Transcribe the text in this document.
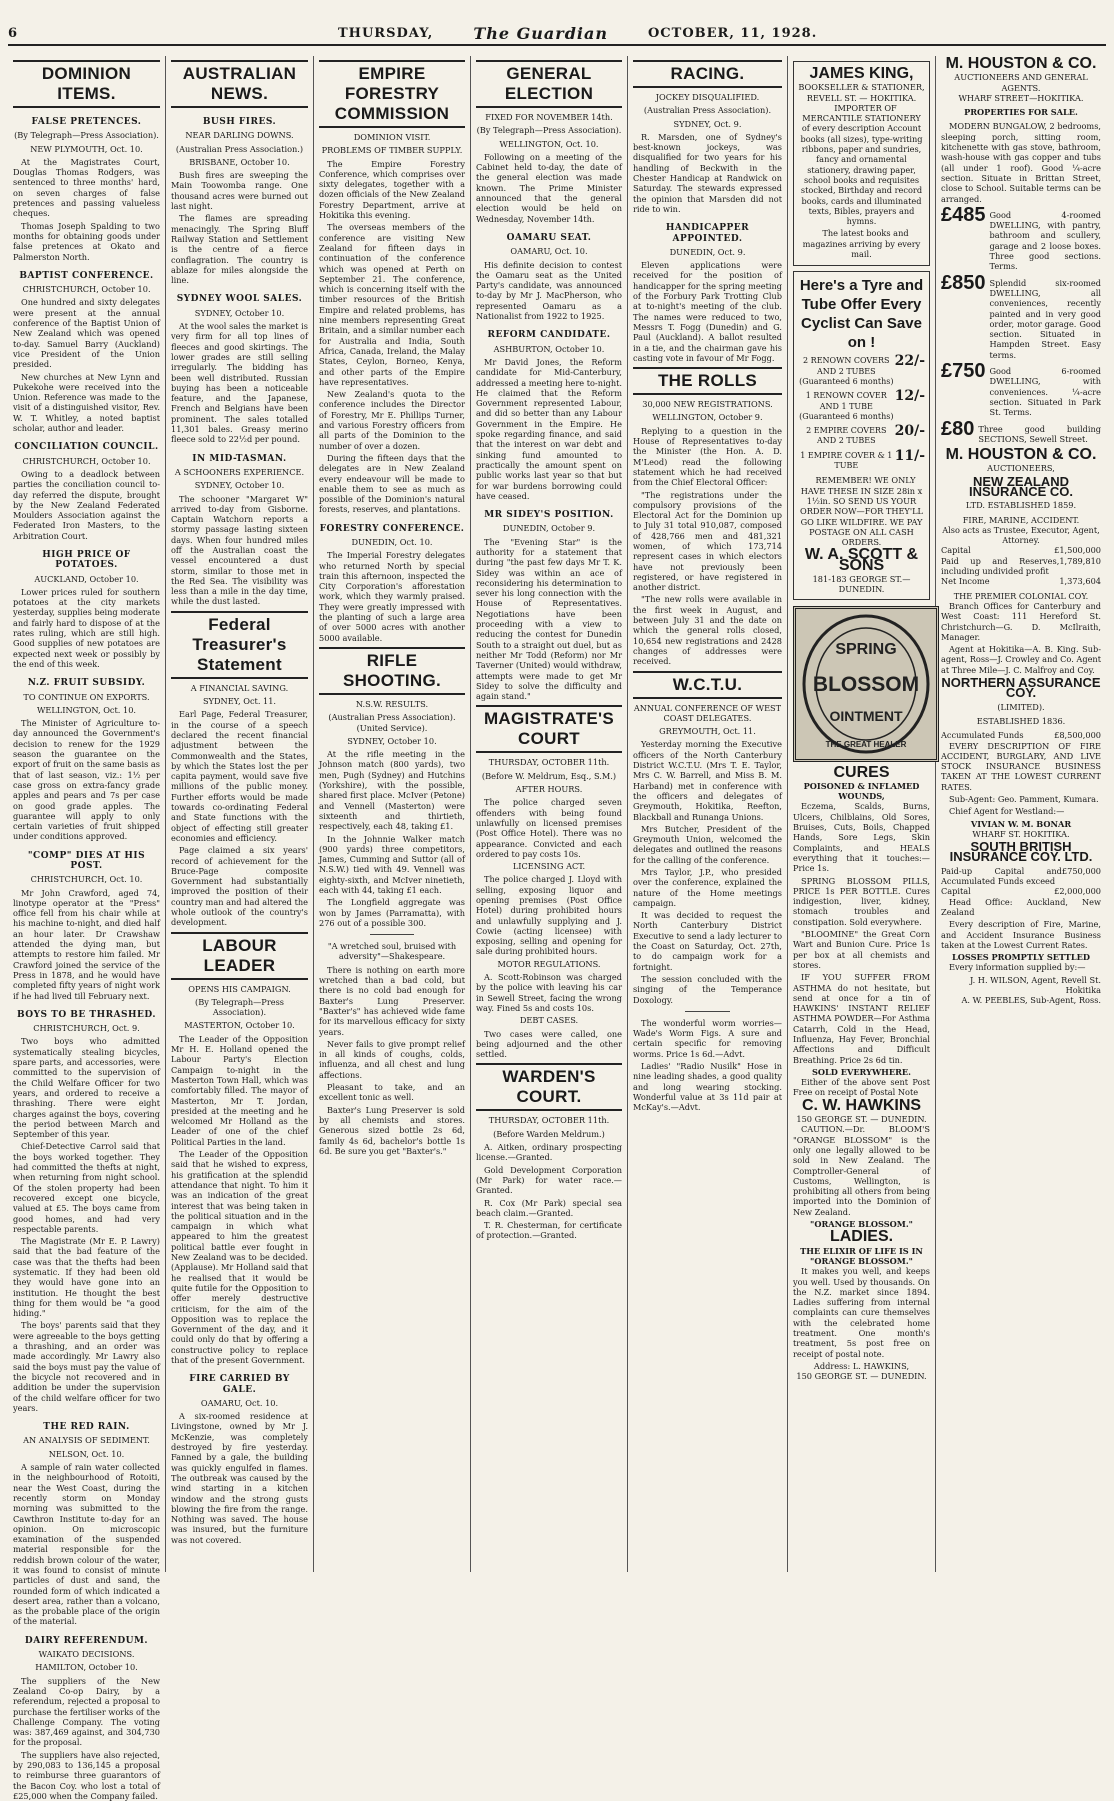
6	THURSDAY,	The Guardian	OCTOBER, 11, 1928.
DOMINION ITEMS.
FALSE PRETENCES.
(By Telegraph—Press Association).
NEW PLYMOUTH, Oct. 10.

At the Magistrates Court, Douglas Thomas Rodgers, was sentenced to three months' hard, on seven charges of false pretences and passing valueless cheques.

Thomas Joseph Spalding to two months for obtaining goods under false pretences at Okato and Palmerston North.

BAPTIST CONFERENCE.
CHRISTCHURCH, October 10.

One hundred and sixty delegates were present at the annual conference of the Baptist Union of New Zealand which was opened to-day. Samuel Barry (Auckland) vice President of the Union presided.

New churches at New Lynn and Pukekohe were received into the Union. Reference was made to the visit of a distinguished visitor, Rev. W. T. Whitley, a noted baptist scholar, author and leader.

CONCILIATION COUNCIL.
CHRISTCHURCH, October 10.

Owing to a deadlock between parties the conciliation council to-day referred the dispute, brought by the New Zealand Federated Moulders Association against the Federated Iron Masters, to the Arbitration Court.

HIGH PRICE OF POTATOES.
AUCKLAND, October 10.

Lower prices ruled for southern potatoes at the city markets yesterday, supplies being moderate and fairly hard to dispose of at the rates ruling, which are still high. Good supplies of new potatoes are expected next week or possibly by the end of this week.

N.Z. FRUIT SUBSIDY.
TO CONTINUE ON EXPORTS.
WELLINGTON, Oct. 10.

The Minister of Agriculture to-day announced the Government's decision to renew for the 1929 season the guarantee on the export of fruit on the same basis as that of last season, viz.: 1½ per case gross on extra-fancy grade apples and pears and 7s per case on good grade apples. The guarantee will apply to only certain varieties of fruit shipped under conditions approved.

"COMP" DIES AT HIS POST.
CHRISTCHURCH, Oct. 10.

Mr John Crawford, aged 74, linotype operator at the "Press" office fell from his chair while at his machine to-night, and died half an hour later. Dr Crawshaw attended the dying man, but attempts to restore him failed. Mr Crawford joined the service of the Press in 1878, and he would have completed fifty years of night work if he had lived till February next.

BOYS TO BE THRASHED.
CHRISTCHURCH, Oct. 9.

Two boys who admitted systematically stealing bicycles, spare parts, and accessories, were committed to the supervision of the Child Welfare Officer for two years, and ordered to receive a thrashing. There were eight charges against the boys, covering the period between March and September of this year.

Chief-Detective Carrol said that the boys worked together. They had committed the thefts at night, when returning from night school. Of the stolen property had been recovered except one bicycle, valued at £5. The boys came from good homes, and had very respectable parents.

The Magistrate (Mr E. P. Lawry) said that the bad feature of the case was that the thefts had been systematic. If they had been old they would have gone into an institution. He thought the best thing for them would be "a good hiding."

The boys' parents said that they were agreeable to the boys getting a thrashing, and an order was made accordingly. Mr Lawry also said the boys must pay the value of the bicycle not recovered and in addition be under the supervision of the child welfare officer for two years.

THE RED RAIN.
AN ANALYSIS OF SEDIMENT.
NELSON, Oct. 10.

A sample of rain water collected in the neighbourhood of Rotoiti, near the West Coast, during the recently storm on Monday morning was submitted to the Cawthron Institute to-day for an opinion. On microscopic examination of the suspended material responsible for the reddish brown colour of the water, it was found to consist of minute particles of dust and sand, the rounded form of which indicated a desert area, rather than a volcano, as the probable place of the origin of the material.

DAIRY REFERENDUM.
WAIKATO DECISIONS.
HAMILTON, October 10.

The suppliers of the New Zealand Co-op Dairy, by a referendum, rejected a proposal to purchase the fertiliser works of the Challenge Company. The voting was: 387,469 against, and 304,730 for the proposal.

The suppliers have also rejected, by 290,083 to 136,145 a proposal to reimburse three guarantors of the Bacon Coy. who lost a total of £25,000 when the Company failed.

AUSTRALIAN NEWS.
BUSH FIRES.
NEAR DARLING DOWNS.
(Australian Press Association.)
BRISBANE, October 10.

Bush fires are sweeping the Main Toowomba range. One thousand acres were burned out last night.

The flames are spreading menacingly. The Spring Bluff Railway Station and Settlement is the centre of a fierce conflagration. The country is ablaze for miles alongside the line.

SYDNEY WOOL SALES.
SYDNEY, October 10.

At the wool sales the market is very firm for all top lines of fleeces and good skirtings. The lower grades are still selling irregularly. The bidding has been well distributed. Russian buying has been a noticeable feature, and the Japanese, French and Belgians have been prominent. The sales totalled 11,301 bales. Greasy merino fleece sold to 22½d per pound.

IN MID-TASMAN.
A SCHOONERS EXPERIENCE.
SYDNEY, October 10.

The schooner "Margaret W" arrived to-day from Gisborne. Captain Watchorn reports a stormy passage lasting sixteen days. When four hundred miles off the Australian coast the vessel encountered a dust storm, similar to those met in the Red Sea. The visibility was less than a mile in the day time, while the dust lasted.

Federal Treasurer's Statement
A FINANCIAL SAVING.
SYDNEY, Oct. 11.

Earl Page, Federal Treasurer, in the course of a speech declared the recent financial adjustment between the Commonwealth and the States, by which the States lost the per capita payment, would save five millions of the public money. Further efforts would be made towards co-ordinating Federal and State functions with the object of effecting still greater economies and efficiency.

Page claimed a six years' record of achievement for the Bruce-Page composite Government had substantially improved the position of their country man and had altered the whole outlook of the country's development.

LABOUR LEADER
OPENS HIS CAMPAIGN.
(By Telegraph—Press Association).
MASTERTON, October 10.

The Leader of the Opposition Mr H. E. Holland opened the Labour Party's Election Campaign to-night in the Masterton Town Hall, which was comfortably filled. The mayor of Masterton, Mr T. Jordan, presided at the meeting and he welcomed Mr Holland as the Leader of one of the chief Political Parties in the land.

The Leader of the Opposition said that he wished to express, his gratification at the splendid attendance that night. To him it was an indication of the great interest that was being taken in the political situation and in the campaign in which what appeared to him the greatest political battle ever fought in New Zealand was to be decided. (Applause). Mr Holland said that he realised that it would be quite futile for the Opposition to offer merely destructive criticism, for the aim of the Opposition was to replace the Government of the day, and it could only do that by offering a constructive policy to replace that of the present Government.

FIRE CARRIED BY GALE.
OAMARU, Oct. 10.

A six-roomed residence at Livingstone, owned by Mr J. McKenzie, was completely destroyed by fire yesterday. Fanned by a gale, the building was quickly engulfed in flames. The outbreak was caused by the wind starting in a kitchen window and the strong gusts blowing the fire from the range. Nothing was saved. The house was insured, but the furniture was not covered.

EMPIRE FORESTRY COMMISSION
DOMINION VISIT.
PROBLEMS OF TIMBER SUPPLY.

The Empire Forestry Conference, which comprises over sixty delegates, together with a dozen officials of the New Zealand Forestry Department, arrive at Hokitika this evening.

The overseas members of the conference are visiting New Zealand for fifteen days in continuation of the conference which was opened at Perth on September 21. The conference, which is concerning itself with the timber resources of the British Empire and related problems, has nine members representing Great Britain, and a similar number each for Australia and India, South Africa, Canada, Ireland, the Malay States, Ceylon, Borneo, Kenya, and other parts of the Empire have representatives.

New Zealand's quota to the conference includes the Director of Forestry, Mr E. Phillips Turner, and various Forestry officers from all parts of the Dominion to the number of over a dozen.

During the fifteen days that the delegates are in New Zealand every endeavour will be made to enable them to see as much as possible of the Dominion's natural forests, reserves, and plantations.

FORESTRY CONFERENCE.
DUNEDIN, Oct. 10.

The Imperial Forestry delegates who returned North by special train this afternoon, inspected the City Corporation's afforestation work, which they warmly praised. They were greatly impressed with the planting of such a large area of over 5000 acres with another 5000 available.

RIFLE SHOOTING.
N.S.W. RESULTS.
(Australian Press Association). (United Service).
SYDNEY, October 10.

At the rifle meeting in the Johnson match (800 yards), two men, Pugh (Sydney) and Hutchins (Yorkshire), with the possible, shared first place. McIver (Petone) and Vennell (Masterton) were sixteenth and thirtieth, respectively, each 48, taking £1.

In the Johnnie Walker match (900 yards) three competitors, James, Cumming and Suttor (all of N.S.W.) tied with 49. Vennell was eighty-sixth, and McIver ninetieth, each with 44, taking £1 each.

The Longfield aggregate was won by James (Parramatta), with 276 out of a possible 300.

"A wretched soul, bruised with adversity"—Shakespeare.

There is nothing on earth more wretched than a bad cold, but there is no cold bad enough for Baxter's Lung Preserver. "Baxter's" has achieved wide fame for its marvellous efficacy for sixty years.

Never fails to give prompt relief in all kinds of coughs, colds, influenza, and all chest and lung affections.

Pleasant to take, and an excellent tonic as well.

Baxter's Lung Preserver is sold by all chemists and stores. Generous sized bottle 2s 6d, family 4s 6d, bachelor's bottle 1s 6d. Be sure you get "Baxter's."

GENERAL ELECTION
FIXED FOR NOVEMBER 14th.
(By Telegraph—Press Association).
WELLINGTON, Oct. 10.

Following on a meeting of the Cabinet held to-day, the date of the general election was made known. The Prime Minister announced that the general election would be held on Wednesday, November 14th.

OAMARU SEAT.
OAMARU, Oct. 10.

His definite decision to contest the Oamaru seat as the United Party's candidate, was announced to-day by Mr J. MacPherson, who represented Oamaru as a Nationalist from 1922 to 1925.

REFORM CANDIDATE.
ASHBURTON, October 10.

Mr David Jones, the Reform candidate for Mid-Canterbury, addressed a meeting here to-night. He claimed that the Reform Government represented Labour, and did so better than any Labour Government in the Empire. He spoke regarding finance, and said that the interest on war debt and sinking fund amounted to practically the amount spent on public works last year so that but for war burdens borrowing could have ceased.

MR SIDEY'S POSITION.
DUNEDIN, October 9.

The "Evening Star" is the authority for a statement that during "the past few days Mr T. K. Sidey was within an ace of reconsidering his determination to sever his long connection with the House of Representatives. Negotiations have been proceeding with a view to reducing the contest for Dunedin South to a straight out duel, but as neither Mr Todd (Reform) nor Mr Taverner (United) would withdraw, attempts were made to get Mr Sidey to solve the difficulty and again stand."

MAGISTRATE'S COURT
THURSDAY, OCTOBER 11th.
(Before W. Meldrum, Esq., S.M.)
AFTER HOURS.

The police charged seven offenders with being found unlawfully on licensed premises (Post Office Hotel). There was no appearance. Convicted and each ordered to pay costs 10s.

LICENSING ACT.

The police charged J. Lloyd with selling, exposing liquor and opening premises (Post Office Hotel) during prohibited hours and unlawfully supplying and J. Cowie (acting licensee) with exposing, selling and opening for sale during prohibited hours.

MOTOR REGULATIONS.

A. Scott-Robinson was charged by the police with leaving his car in Sewell Street, facing the wrong way. Fined 5s and costs 10s.

DEBT CASES.

Two cases were called, one being adjourned and the other settled.

WARDEN'S COURT.
THURSDAY, OCTOBER 11th.
(Before Warden Meldrum.)

A. Aitken, ordinary prospecting license.—Granted.

Gold Development Corporation (Mr Park) for water race.—Granted.

R. Cox (Mr Park) special sea beach claim.—Granted.

T. R. Chesterman, for certificate of protection.—Granted.

RACING.
JOCKEY DISQUALIFIED.
(Australian Press Association).
SYDNEY, Oct. 9.

R. Marsden, one of Sydney's best-known jockeys, was disqualified for two years for his handling of Beckwith in the Chester Handicap at Randwick on Saturday. The stewards expressed the opinion that Marsden did not ride to win.

HANDICAPPER APPOINTED.
DUNEDIN, Oct. 9.

Eleven applications were received for the position of handicapper for the spring meeting of the Forbury Park Trotting Club at to-night's meeting of the club. The names were reduced to two, Messrs T. Fogg (Dunedin) and G. Paul (Auckland). A ballot resulted in a tie, and the chairman gave his casting vote in favour of Mr Fogg.

THE ROLLS
30,000 NEW REGISTRATIONS.
WELLINGTON, October 9.

Replying to a question in the House of Representatives to-day the Minister (the Hon. A. D. M'Leod) read the following statement which he had received from the Chief Electoral Officer:

"The registrations under the compulsory provisions of the Electoral Act for the Dominion up to July 31 total 910,087, composed of 428,766 men and 481,321 women, of which 173,714 represent cases in which electors have not previously been registered, or have registered in another district.

"The new rolls were available in the first week in August, and between July 31 and the date on which the general rolls closed, 10,654 new registrations and 2428 changes of addresses were received.

W.C.T.U.
ANNUAL CONFERENCE OF WEST COAST DELEGATES.
GREYMOUTH, Oct. 11.

Yesterday morning the Executive officers of the North Canterbury District W.C.T.U. (Mrs T. E. Taylor, Mrs C. W. Barrell, and Miss B. M. Harband) met in conference with the officers and delegates of Greymouth, Hokitika, Reefton, Blackball and Runanga Unions.

Mrs Butcher, President of the Greymouth Union, welcomed the delegates and outlined the reasons for the calling of the conference.

Mrs Taylor, J.P., who presided over the conference, explained the nature of the Home meetings campaign.

It was decided to request the North Canterbury District Executive to send a lady lecturer to the Coast on Saturday, Oct. 27th, to do campaign work for a fortnight.

The session concluded with the singing of the Temperance Doxology.

The wonderful worm worries—Wade's Worm Figs. A sure and certain specific for removing worms. Price 1s 6d.—Advt.

Ladies' "Radio Nusilk" Hose in nine leading shades, a good quality and long wearing stocking. Wonderful value at 3s 11d pair at McKay's.—Advt.

JAMES KING,
BOOKSELLER & STATIONER,
REVELL ST. — HOKITIKA.

IMPORTER OF MERCANTILE STATIONERY of every description Account books (all sizes), type-writing ribbons, paper and sundries, fancy and ornamental stationery, drawing paper, school books and requisites stocked, Birthday and record books, cards and illuminated texts, Bibles, prayers and hymns.

The latest books and magazines arriving by every mail.

Here's a Tyre and Tube Offer Every Cyclist Can Save on !
2 RENOWN COVERS AND 2 TUBES (Guaranteed 6 months)
22/-
1 RENOWN COVER AND 1 TUBE (Guaranteed 6 months)
12/-
2 EMPIRE COVERS AND 2 TUBES
20/-
1 EMPIRE COVER & 1 TUBE
11/-

REMEMBER! WE ONLY HAVE THESE IN SIZE 28in x 1½in. SO SEND US YOUR ORDER NOW—FOR THEY'LL GO LIKE WILDFIRE. WE PAY POSTAGE ON ALL CASH ORDERS.

W. A. SCOTT & SONS
181-183 GEORGE ST.—DUNEDIN.
SPRING
BLOSSOM
OINTMENT
THE GREAT HEALER
CURES
POISONED & INFLAMED WOUNDS,

Eczema, Scalds, Burns, Ulcers, Chilblains, Old Sores, Bruises, Cuts, Boils, Chapped Hands, Sore Legs, Skin Complaints, and HEALS everything that it touches:—Price 1s.

SPRING BLOSSOM PILLS, PRICE 1s PER BOTTLE. Cures indigestion, liver, kidney, stomach troubles and constipation. Sold everywhere.

"BLOOMINE" the Great Corn Wart and Bunion Cure. Price 1s per box at all chemists and stores.

IF YOU SUFFER FROM ASTHMA do not hesitate, but send at once for a tin of HAWKINS' INSTANT RELIEF ASTHMA POWDER—For Asthma Catarrh, Cold in the Head, Influenza, Hay Fever, Bronchial Affections and Difficult Breathing. Price 2s 6d tin.

SOLD EVERYWHERE.

Either of the above sent Post Free on receipt of Postal Note

C. W. HAWKINS
150 GEORGE ST. — DUNEDIN.

CAUTION.—Dr. BLOOM'S "ORANGE BLOSSOM" is the only one legally allowed to be sold in New Zealand. The Comptroller-General of Customs, Wellington, is prohibiting all others from being imported into the Dominion of New Zealand.

"ORANGE BLOSSOM."
LADIES.
THE ELIXIR OF LIFE IS IN "ORANGE BLOSSOM."

It makes you well, and keeps you well. Used by thousands. On the N.Z. market since 1894. Ladies suffering from internal complaints can cure themselves with the celebrated home treatment. One month's treatment, 5s post free on receipt of postal note.

Address: L. HAWKINS,
150 GEORGE ST. — DUNEDIN.
M. HOUSTON & CO.
AUCTIONEERS AND GENERAL AGENTS.
WHARF STREET—HOKITIKA.
PROPERTIES FOR SALE.

MODERN BUNGALOW, 2 bedrooms, sleeping porch, sitting room, kitchenette with gas stove, bathroom, wash-house with gas copper and tubs (all under 1 roof). Good ¼-acre section. Situate in Brittan Street, close to School. Suitable terms can be arranged.

£485 Good 4-roomed DWELLING, with pantry, bathroom and scullery, garage and 2 loose boxes. Three good sections. Terms.
£850 Splendid six-roomed DWELLING, all conveniences, recently painted and in very good order, motor garage. Good section. Situated in Hampden Street. Easy terms.
£750 Good 6-roomed DWELLING, with conveniences. ¼-acre section. Situated in Park St. Terms.
£80 Three good building SECTIONS, Sewell Street.
M. HOUSTON & CO.
AUCTIONEERS,
NEW ZEALAND INSURANCE CO.
LTD. ESTABLISHED 1859.
FIRE, MARINE, ACCIDENT.
Also acts as Trustee, Executor, Agent, Attorney.
Capital	£1,500,000
Paid up and Reserves, including undivided profit
1,789,810
Net Income	1,373,604
THE PREMIER COLONIAL COY.

Branch Offices for Canterbury and West Coast: 111 Hereford St. Christchurch—G. D. McIlraith, Manager.

Agent at Hokitika—A. B. King. Sub-agent, Ross—J. Crowley and Co. Agent at Three Mile—J. C. Malfroy and Coy.

NORTHERN ASSURANCE COY.
(LIMITED).
ESTABLISHED 1836.
Accumulated Funds	£8,500,000

EVERY DESCRIPTION OF FIRE ACCIDENT, BURGLARY, AND LIVE STOCK INSURANCE BUSINESS TAKEN AT THE LOWEST CURRENT RATES.

Sub-Agent: Geo. Pamment, Kumara.

Chief Agent for Westland:—

VIVIAN W. M. BONAR
WHARF ST. HOKITIKA.
SOUTH BRITISH INSURANCE COY. LTD.
Paid-up Capital and Accumulated Funds exceed
£750,000
Capital	£2,000,000

Head Office: Auckland, New Zealand

Every description of Fire, Marine, and Accident Insurance Business taken at the Lowest Current Rates.

LOSSES PROMPTLY SETTLED

Every information supplied by:—

J. H. WILSON, Agent, Revell St. Hokitika
A. W. PEEBLES, Sub-Agent, Ross.
